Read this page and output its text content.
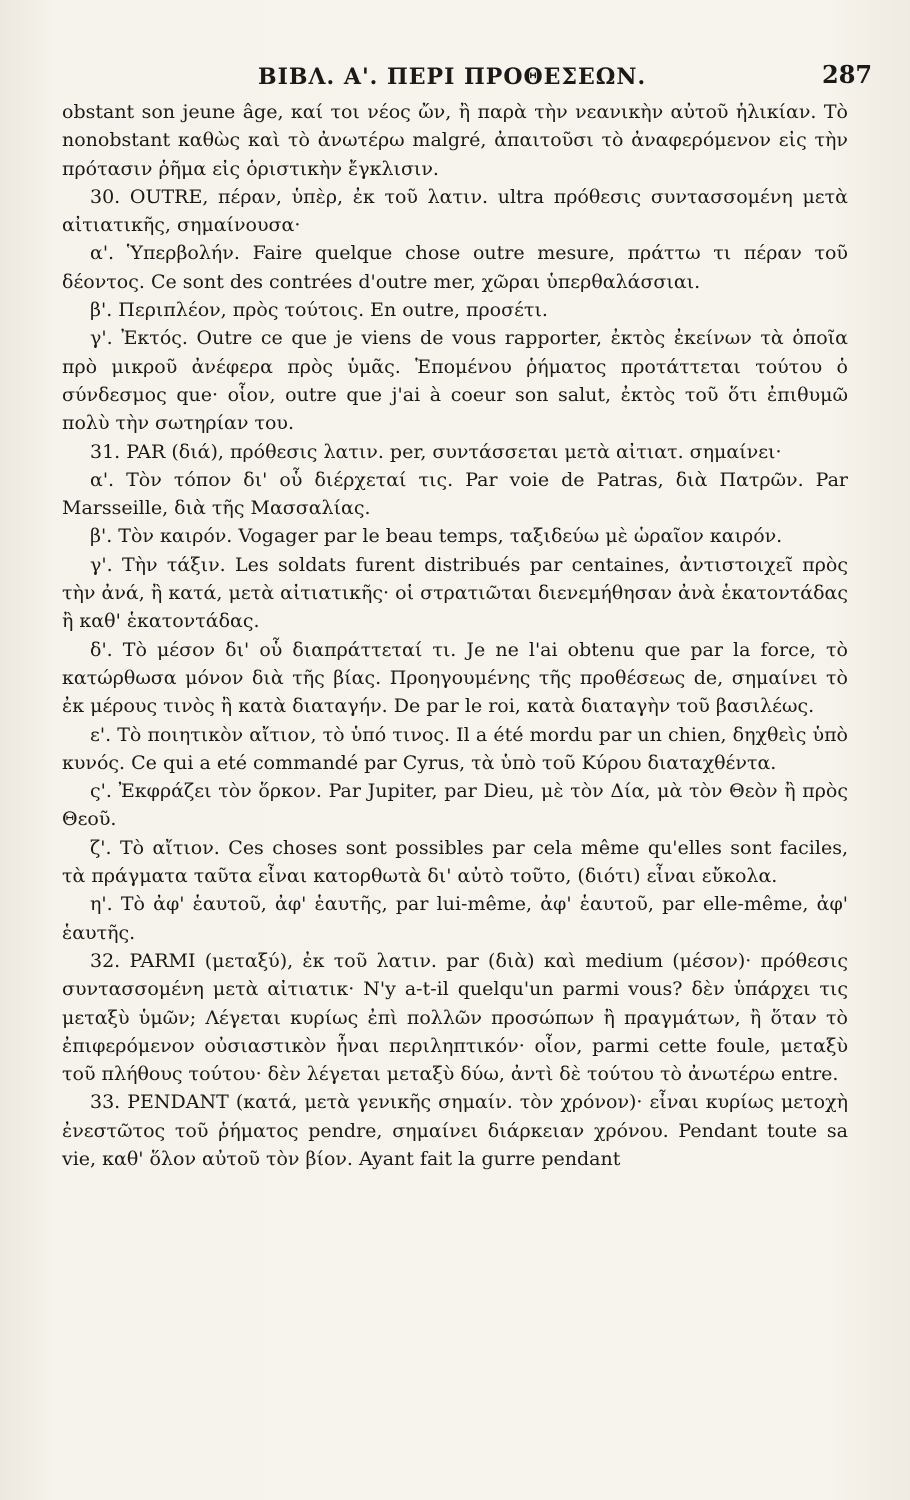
ΒΙΒΛ. Α'. ΠΕΡΙ ΠΡΟΘΕΣΕΩΝ.	287

obstant son jeune âge, καί τοι νέος ὤν, ἢ παρὰ τὴν νεανικὴν αὐτοῦ ἡλικίαν. Τὸ nonobstant καθὼς καὶ τὸ ἀνωτέρω malgré, ἀπαιτοῦσι τὸ ἀναφερόμενον εἰς τὴν πρότασιν ῥῆμα εἰς ὁριστικὴν ἔγκλισιν.

30. OUTRE, πέραν, ὑπὲρ, ἐκ τοῦ λατιν. ultra πρόθεσις συντασσομένη μετὰ αἰτιατικῆς, σημαίνουσα·

α'. Ὑπερβολήν. Faire quelque chose outre mesure, πράττω τι πέραν τοῦ δέοντος. Ce sont des contrées d'outre mer, χῶραι ὑπερθαλάσσιαι.

β'. Περιπλέον, πρὸς τούτοις. En outre, προσέτι.

γ'. Ἐκτός. Outre ce que je viens de vous rapporter, ἐκτὸς ἐκείνων τὰ ὁποῖα πρὸ μικροῦ ἀνέφερα πρὸς ὑμᾶς. Ἑπομένου ῥήματος προτάττεται τούτου ὁ σύνδεσμος que· οἷον, outre que j'ai à coeur son salut, ἐκτὸς τοῦ ὅτι ἐπιθυμῶ πολὺ τὴν σωτηρίαν του.

31. PAR (διά), πρόθεσις λατιν. per, συντάσσεται μετὰ αἰτιατ. σημαίνει·

α'. Τὸν τόπον δι' οὗ διέρχεταί τις. Par voie de Patras, διὰ Πατρῶν. Par Marsseille, διὰ τῆς Μασσαλίας.

β'. Τὸν καιρόν. Vogager par le beau temps, ταξιδεύω μὲ ὡραῖον καιρόν.

γ'. Τὴν τάξιν. Les soldats furent distribués par centaines, ἀντιστοιχεῖ πρὸς τὴν ἀνά, ἢ κατά, μετὰ αἰτιατικῆς· οἱ στρατιῶται διενεμήθησαν ἀνὰ ἑκατοντάδας ἢ καθ' ἑκατοντάδας.

δ'. Τὸ μέσον δι' οὗ διαπράττεταί τι. Je ne l'ai obtenu que par la force, τὸ κατώρθωσα μόνον διὰ τῆς βίας. Προηγουμένης τῆς προθέσεως de, σημαίνει τὸ ἐκ μέρους τινὸς ἢ κατὰ διαταγήν. De par le roi, κατὰ διαταγὴν τοῦ βασιλέως.

ε'. Τὸ ποιητικὸν αἴτιον, τὸ ὑπό τινος. Il a été mordu par un chien, δηχθεὶς ὑπὸ κυνός. Ce qui a eté commandé par Cyrus, τὰ ὑπὸ τοῦ Κύρου διαταχθέντα.

ς'. Ἐκφράζει τὸν ὅρκον. Par Jupiter, par Dieu, μὲ τὸν Δία, μὰ τὸν Θεὸν ἢ πρὸς Θεοῦ.

ζ'. Τὸ αἴτιον. Ces choses sont possibles par cela même qu'elles sont faciles, τὰ πράγματα ταῦτα εἶναι κατορθωτὰ δι' αὐτὸ τοῦτο, (διότι) εἶναι εὔκολα.

η'. Τὸ ἀφ' ἑαυτοῦ, ἀφ' ἑαυτῆς, par lui-même, ἀφ' ἑαυτοῦ, par elle-même, ἀφ' ἑαυτῆς.

32. PARMI (μεταξύ), ἐκ τοῦ λατιν. par (διὰ) καὶ medium (μέσον)· πρόθεσις συντασσομένη μετὰ αἰτιατικ· N'y a-t-il quelqu'un parmi vous? δὲν ὑπάρχει τις μεταξὺ ὑμῶν; Λέγεται κυρίως ἐπὶ πολλῶν προσώπων ἢ πραγμάτων, ἢ ὅταν τὸ ἐπιφερόμενον οὐσιαστικὸν ἦναι περιληπτικόν· οἷον, parmi cette foule, μεταξὺ τοῦ πλήθους τούτου· δὲν λέγεται μεταξὺ δύω, ἀντὶ δὲ τούτου τὸ ἀνωτέρω entre.

33. PENDANT (κατά, μετὰ γενικῆς σημαίν. τὸν χρόνον)· εἶναι κυρίως μετοχὴ ἐνεστῶτος τοῦ ῥήματος pendre, σημαίνει διάρκειαν χρόνου. Pendant toute sa vie, καθ' ὅλον αὐτοῦ τὸν βίον. Ayant fait la gurre pendant
